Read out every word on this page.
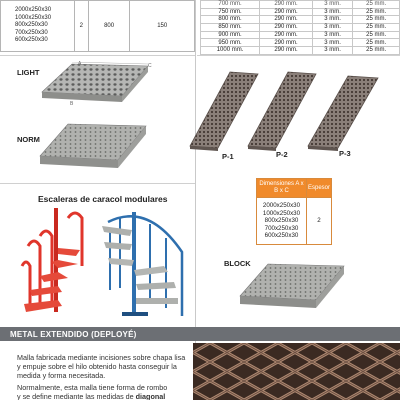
2000x250x30
1000x250x30
800x250x30
700x250x30
600x250x30
	2	800	150
700 mm.	290 mm.	3 mm.	25 mm.
750 mm.	290 mm.	3 mm.	25 mm.
800 mm.	290 mm.	3 mm.	25 mm.
850 mm.	290 mm.	3 mm.	25 mm.
900 mm.	290 mm.	3 mm.	25 mm.
950 mm.	290 mm.	3 mm.	25 mm.
1000 mm.	290 mm.	3 mm.	25 mm.
LIGHT
C
B
NORM
Escaleras de caracol modulares
P-1	P-2	P-3
Dimensiones A x B x C	Espesor

2000x250x30
1000x250x30
800x250x30
700x250x30
600x250x30	2
BLOCK
METAL EXTENDIDO (DEPLOYÉ)
Malla fabricada mediante incisiones sobre chapa lisa y empuje sobre el hilo obtenido hasta conseguir la medida y forma necesitada.
Normalmente, esta malla tiene forma de rombo
y se define mediante las medidas de diagonal
